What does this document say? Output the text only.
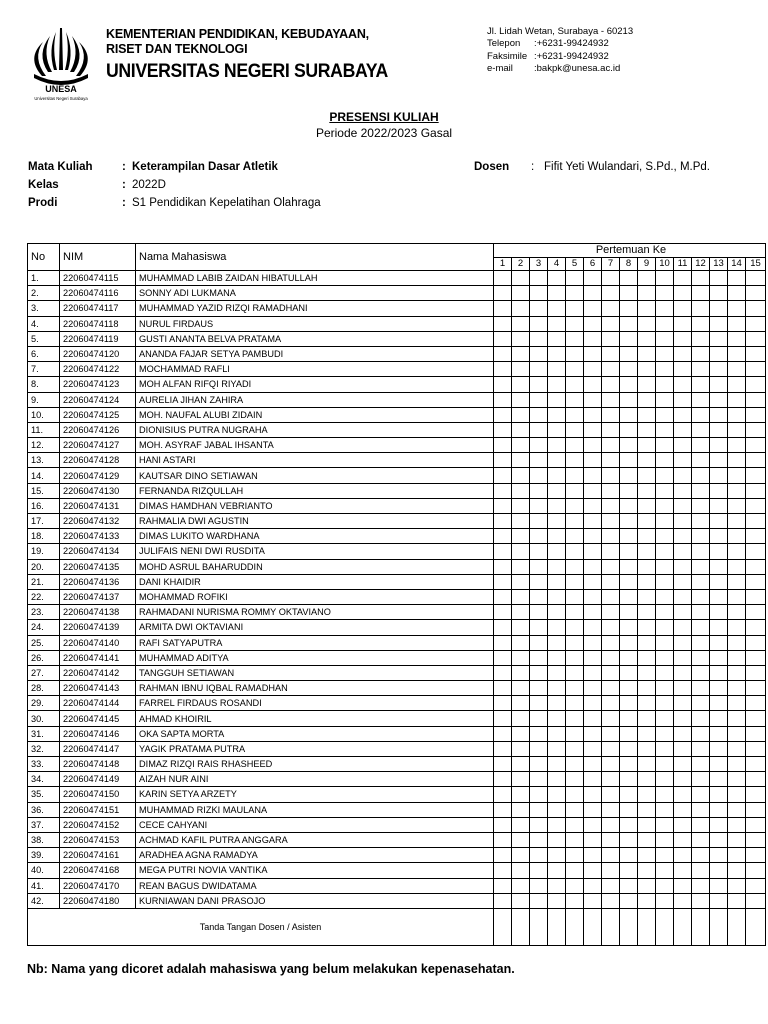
UNESA
Universitas Negeri Surabaya
KEMENTERIAN PENDIDIKAN, KEBUDAYAAN,
RISET DAN TEKNOLOGI
UNIVERSITAS NEGERI SURABAYA
Jl. Lidah Wetan, Surabaya - 60213
Telepon	:+6231-99424932
Faksimile :+6231-99424932
e-mail	:bakpk@unesa.ac.id
PRESENSI KULIAH
Periode 2022/2023 Gasal
Mata Kuliah	: Keterampilan Dasar Atletik
Kelas	: 2022D
Prodi	: S1 Pendidikan Kepelatihan Olahraga
Dosen : Fifit Yeti Wulandari, S.Pd., M.Pd.
No	NIM	Nama Mahasiswa	Pertemuan Ke														
			1	2	3	4	5	6	7	8	9	10	11	12	13	14	15
1.	22060474115	MUHAMMAD LABIB ZAIDAN HIBATULLAH															
2.	22060474116	SONNY ADI LUKMANA															
3.	22060474117	MUHAMMAD YAZID RIZQI RAMADHANI															
4.	22060474118	NURUL FIRDAUS															
5.	22060474119	GUSTI ANANTA BELVA PRATAMA															
6.	22060474120	ANANDA FAJAR SETYA PAMBUDI															
7.	22060474122	MOCHAMMAD RAFLI															
8.	22060474123	MOH ALFAN RIFQI RIYADI															
9.	22060474124	AURELIA JIHAN ZAHIRA															
10.	22060474125	MOH. NAUFAL ALUBI ZIDAIN															
11.	22060474126	DIONISIUS PUTRA NUGRAHA															
12.	22060474127	MOH. ASYRAF JABAL IHSANTA															
13.	22060474128	HANI ASTARI															
14.	22060474129	KAUTSAR DINO SETIAWAN															
15.	22060474130	FERNANDA RIZQULLAH															
16.	22060474131	DIMAS HAMDHAN VEBRIANTO															
17.	22060474132	RAHMALIA DWI AGUSTIN															
18.	22060474133	DIMAS LUKITO WARDHANA															
19.	22060474134	JULIFAIS NENI DWI RUSDITA															
20.	22060474135	MOHD ASRUL BAHARUDDIN															
21.	22060474136	DANI KHAIDIR															
22.	22060474137	MOHAMMAD ROFIKI															
23.	22060474138	RAHMADANI NURISMA ROMMY OKTAVIANO															
24.	22060474139	ARMITA DWI OKTAVIANI															
25.	22060474140	RAFI SATYAPUTRA															
26.	22060474141	MUHAMMAD ADITYA															
27.	22060474142	TANGGUH SETIAWAN															
28.	22060474143	RAHMAN IBNU IQBAL RAMADHAN															
29.	22060474144	FARREL FIRDAUS ROSANDI															
30.	22060474145	AHMAD KHOIRIL															
31.	22060474146	OKA SAPTA MORTA															
32.	22060474147	YAGIK PRATAMA PUTRA															
33.	22060474148	DIMAZ RIZQI RAIS RHASHEED															
34.	22060474149	AIZAH NUR AINI															
35.	22060474150	KARIN SETYA ARZETY															
36.	22060474151	MUHAMMAD RIZKI MAULANA															
37.	22060474152	CECE CAHYANI															
38.	22060474153	ACHMAD KAFIL PUTRA ANGGARA															
39.	22060474161	ARADHEA AGNA RAMADYA															
40.	22060474168	MEGA PUTRI NOVIA VANTIKA															
41.	22060474170	REAN BAGUS DWIDATAMA															
42.	22060474180	KURNIAWAN DANI PRASOJO															
Tanda Tangan Dosen / Asisten																	
Nb: Nama yang dicoret adalah mahasiswa yang belum melakukan kepenasehatan.
